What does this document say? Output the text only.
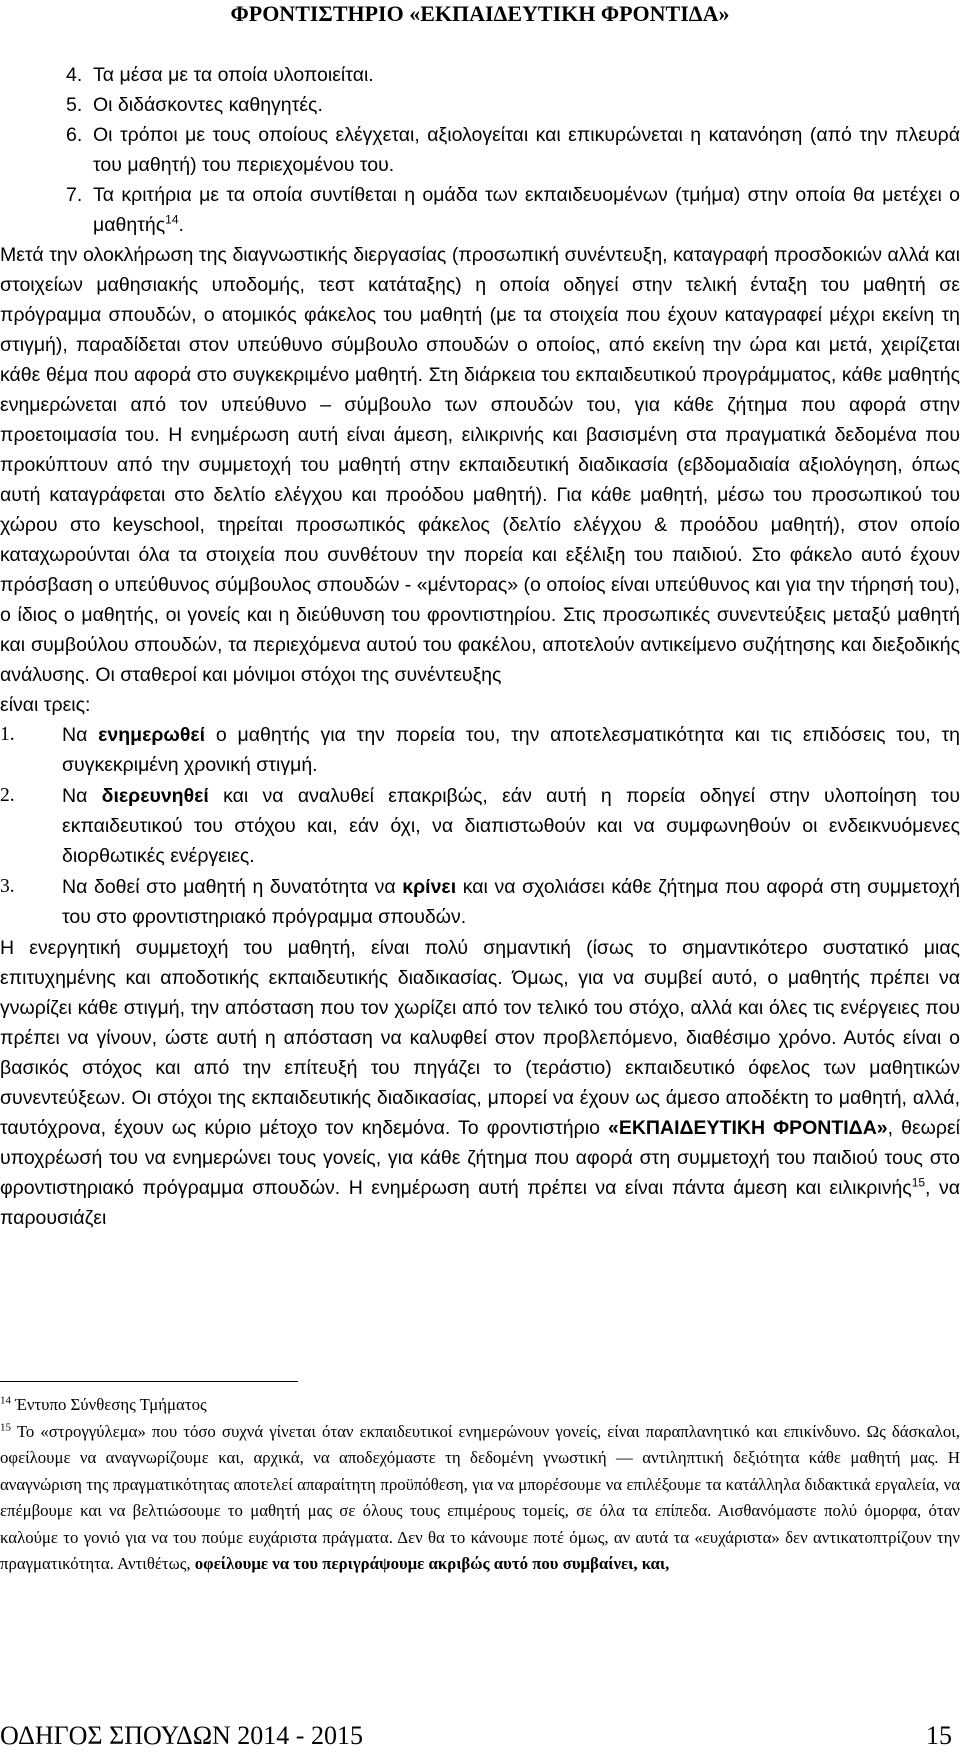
ΦΡΟΝΤΙΣΤΗΡΙΟ «ΕΚΠΑΙΔΕΥΤΙΚΗ ΦΡΟΝΤΙΔΑ»
4. Τα μέσα με τα οποία υλοποιείται.
5. Οι διδάσκοντες καθηγητές.
6. Οι τρόποι με τους οποίους ελέγχεται, αξιολογείται και επικυρώνεται η κατανόηση (από την πλευρά του μαθητή) του περιεχομένου του.
7. Τα κριτήρια με τα οποία συντίθεται η ομάδα των εκπαιδευομένων (τμήμα) στην οποία θα μετέχει ο μαθητής$^{14}$.

Μετά την ολοκλήρωση της διαγνωστικής διεργασίας (προσωπική συνέντευξη, καταγραφή προσδοκιών αλλά και στοιχείων μαθησιακής υποδομής, τεστ κατάταξης) η οποία οδηγεί στην τελική ένταξη του μαθητή σε πρόγραμμα σπουδών, ο ατομικός φάκελος του μαθητή (με τα στοιχεία που έχουν καταγραφεί μέχρι εκείνη τη στιγμή), παραδίδεται στον υπεύθυνο σύμβουλο σπουδών ο οποίος, από εκείνη την ώρα και μετά, χειρίζεται κάθε θέμα που αφορά στο συγκεκριμένο μαθητή. Στη διάρκεια του εκπαιδευτικού προγράμματος, κάθε μαθητής ενημερώνεται από τον υπεύθυνο – σύμβουλο των σπουδών του, για κάθε ζήτημα που αφορά στην προετοιμασία του. Η ενημέρωση αυτή είναι άμεση, ειλικρινής και βασισμένη στα πραγματικά δεδομένα που προκύπτουν από την συμμετοχή του μαθητή στην εκπαιδευτική διαδικασία (εβδομαδιαία αξιολόγηση, όπως αυτή καταγράφεται στο δελτίο ελέγχου και προόδου μαθητή). Για κάθε μαθητή, μέσω του προσωπικού του χώρου στο keyschool, τηρείται προσωπικός φάκελος (δελτίο ελέγχου & προόδου μαθητή), στον οποίο καταχωρούνται όλα τα στοιχεία που συνθέτουν την πορεία και εξέλιξη του παιδιού. Στο φάκελο αυτό έχουν πρόσβαση ο υπεύθυνος σύμβουλος σπουδών - «μέντορας» (ο οποίος είναι υπεύθυνος και για την τήρησή του), ο ίδιος ο μαθητής, οι γονείς και η διεύθυνση του φροντιστηρίου. Στις προσωπικές συνεντεύξεις μεταξύ μαθητή και συμβούλου σπουδών, τα περιεχόμενα αυτού του φακέλου, αποτελούν αντικείμενο συζήτησης και διεξοδικής ανάλυσης. Οι σταθεροί και μόνιμοι στόχοι της συνέντευξης

είναι τρεις:

1. Να ενημερωθεί ο μαθητής για την πορεία του, την αποτελεσματικότητα και τις επιδόσεις του, τη συγκεκριμένη χρονική στιγμή.
2. Να διερευνηθεί και να αναλυθεί επακριβώς, εάν αυτή η πορεία οδηγεί στην υλοποίηση του εκπαιδευτικού του στόχου και, εάν όχι, να διαπιστωθούν και να συμφωνηθούν οι ενδεικνυόμενες διορθωτικές ενέργειες.
3. Να δοθεί στο μαθητή η δυνατότητα να κρίνει και να σχολιάσει κάθε ζήτημα που αφορά στη συμμετοχή του στο φροντιστηριακό πρόγραμμα σπουδών.

Η ενεργητική συμμετοχή του μαθητή, είναι πολύ σημαντική (ίσως το σημαντικότερο συστατικό μιας επιτυχημένης και αποδοτικής εκπαιδευτικής διαδικασίας. Όμως, για να συμβεί αυτό, ο μαθητής πρέπει να γνωρίζει κάθε στιγμή, την απόσταση που τον χωρίζει από τον τελικό του στόχο, αλλά και όλες τις ενέργειες που πρέπει να γίνουν, ώστε αυτή η απόσταση να καλυφθεί στον προβλεπόμενο, διαθέσιμο χρόνο. Αυτός είναι ο βασικός στόχος και από την επίτευξή του πηγάζει το (τεράστιο) εκπαιδευτικό όφελος των μαθητικών συνεντεύξεων. Οι στόχοι της εκπαιδευτικής διαδικασίας, μπορεί να έχουν ως άμεσο αποδέκτη το μαθητή, αλλά, ταυτόχρονα, έχουν ως κύριο μέτοχο τον κηδεμόνα. Το φροντιστήριο «ΕΚΠΑΙΔΕΥΤΙΚΗ ΦΡΟΝΤΙΔΑ», θεωρεί υποχρέωσή του να ενημερώνει τους γονείς, για κάθε ζήτημα που αφορά στη συμμετοχή του παιδιού τους στο φροντιστηριακό πρόγραμμα σπουδών. Η ενημέρωση αυτή πρέπει να είναι πάντα άμεση και ειλικρινής$^{15}$, να παρουσιάζει

$^{14}$ Έντυπο Σύνθεσης Τμήματος

$^{15}$ Το «στρογγύλεμα» που τόσο συχνά γίνεται όταν εκπαιδευτικοί ενημερώνουν γονείς, είναι παραπλανητικό και επικίνδυνο. Ως δάσκαλοι, οφείλουμε να αναγνωρίζουμε και, αρχικά, να αποδεχόμαστε τη δεδομένη γνωστική — αντιληπτική δεξιότητα κάθε μαθητή μας. Η αναγνώριση της πραγματικότητας αποτελεί απαραίτητη προϋπόθεση, για να μπορέσουμε να επιλέξουμε τα κατάλληλα διδακτικά εργαλεία, να επέμβουμε και να βελτιώσουμε το μαθητή μας σε όλους τους επιμέρους τομείς, σε όλα τα επίπεδα. Αισθανόμαστε πολύ όμορφα, όταν καλούμε το γονιό για να του πούμε ευχάριστα πράγματα. Δεν θα το κάνουμε ποτέ όμως, αν αυτά τα «ευχάριστα» δεν αντικατοπτρίζουν την πραγματικότητα. Αντιθέτως, οφείλουμε να του περιγράψουμε ακριβώς αυτό που συμβαίνει, και,

ΟΔΗΓΟΣ ΣΠΟΥΔΩΝ 2014 - 2015	15
